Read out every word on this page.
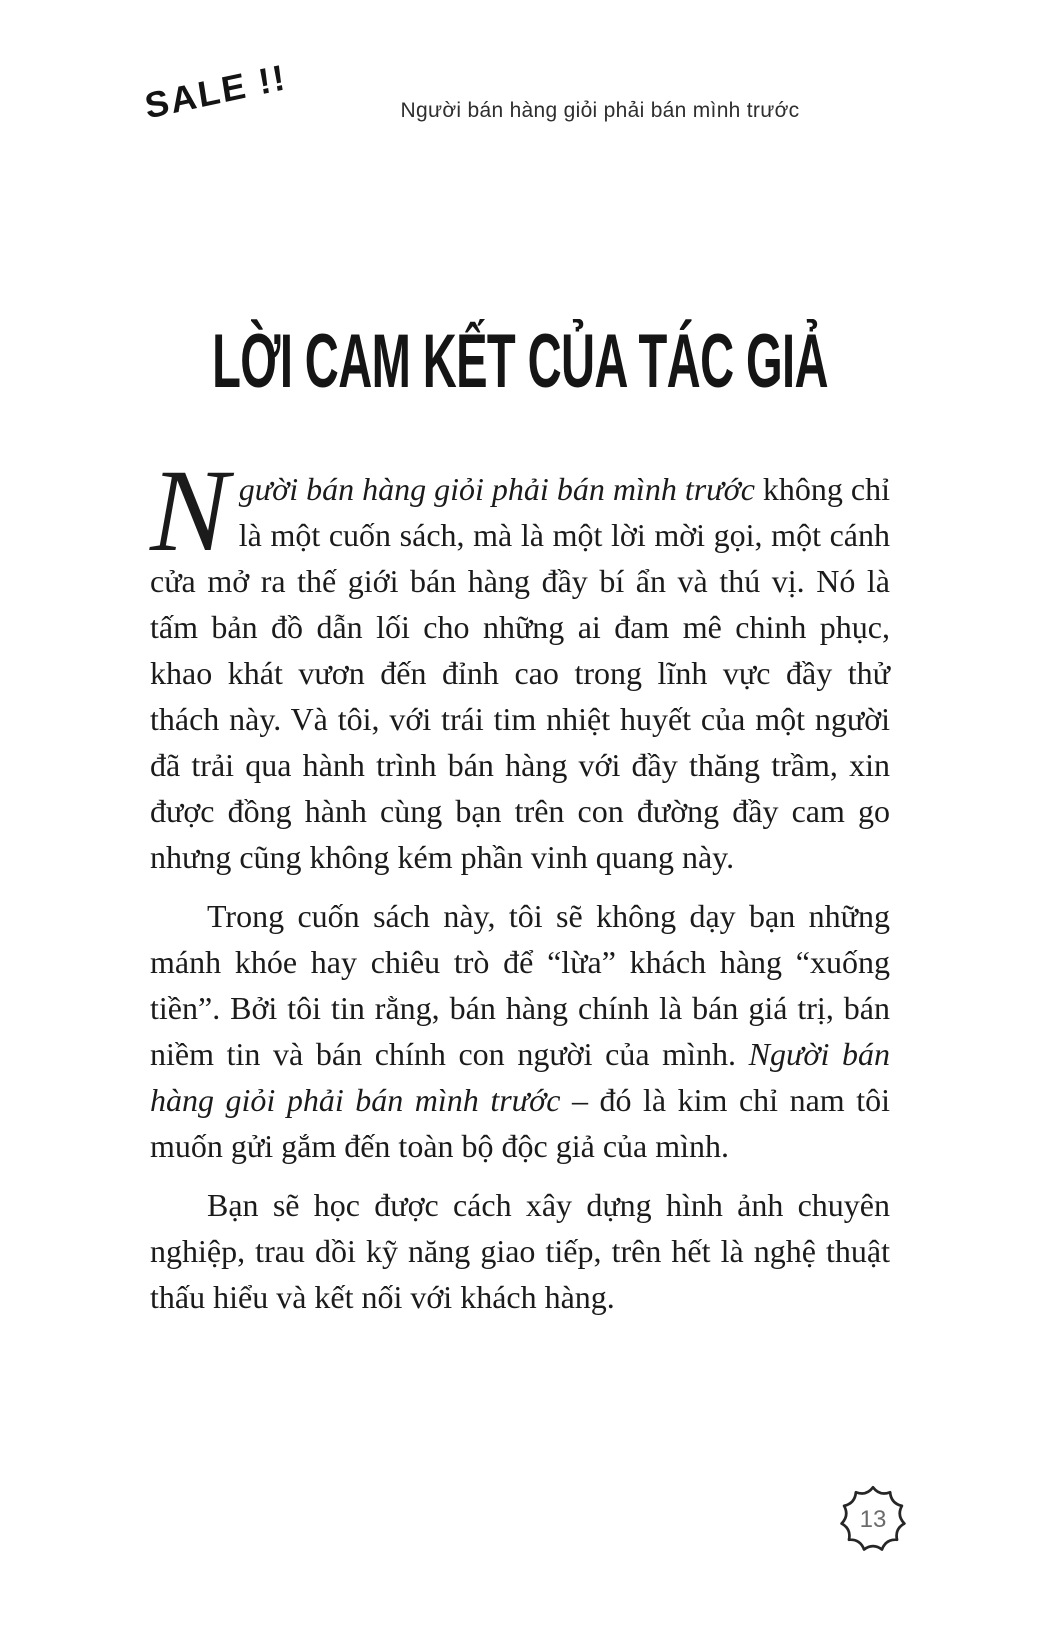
SALE !!	Người bán hàng giỏi phải bán mình trước
LỜI CAM KẾT CỦA TÁC GIẢ

Người bán hàng giỏi phải bán mình trước không chỉ là một cuốn sách, mà là một lời mời gọi, một cánh cửa mở ra thế giới bán hàng đầy bí ẩn và thú vị. Nó là tấm bản đồ dẫn lối cho những ai đam mê chinh phục, khao khát vươn đến đỉnh cao trong lĩnh vực đầy thử thách này. Và tôi, với trái tim nhiệt huyết của một người đã trải qua hành trình bán hàng với đầy thăng trầm, xin được đồng hành cùng bạn trên con đường đầy cam go nhưng cũng không kém phần vinh quang này.

Trong cuốn sách này, tôi sẽ không dạy bạn những mánh khóe hay chiêu trò để “lừa” khách hàng “xuống tiền”. Bởi tôi tin rằng, bán hàng chính là bán giá trị, bán niềm tin và bán chính con người của mình. Người bán hàng giỏi phải bán mình trước – đó là kim chỉ nam tôi muốn gửi gắm đến toàn bộ độc giả của mình.

Bạn sẽ học được cách xây dựng hình ảnh chuyên nghiệp, trau dồi kỹ năng giao tiếp, trên hết là nghệ thuật thấu hiểu và kết nối với khách hàng.

13
